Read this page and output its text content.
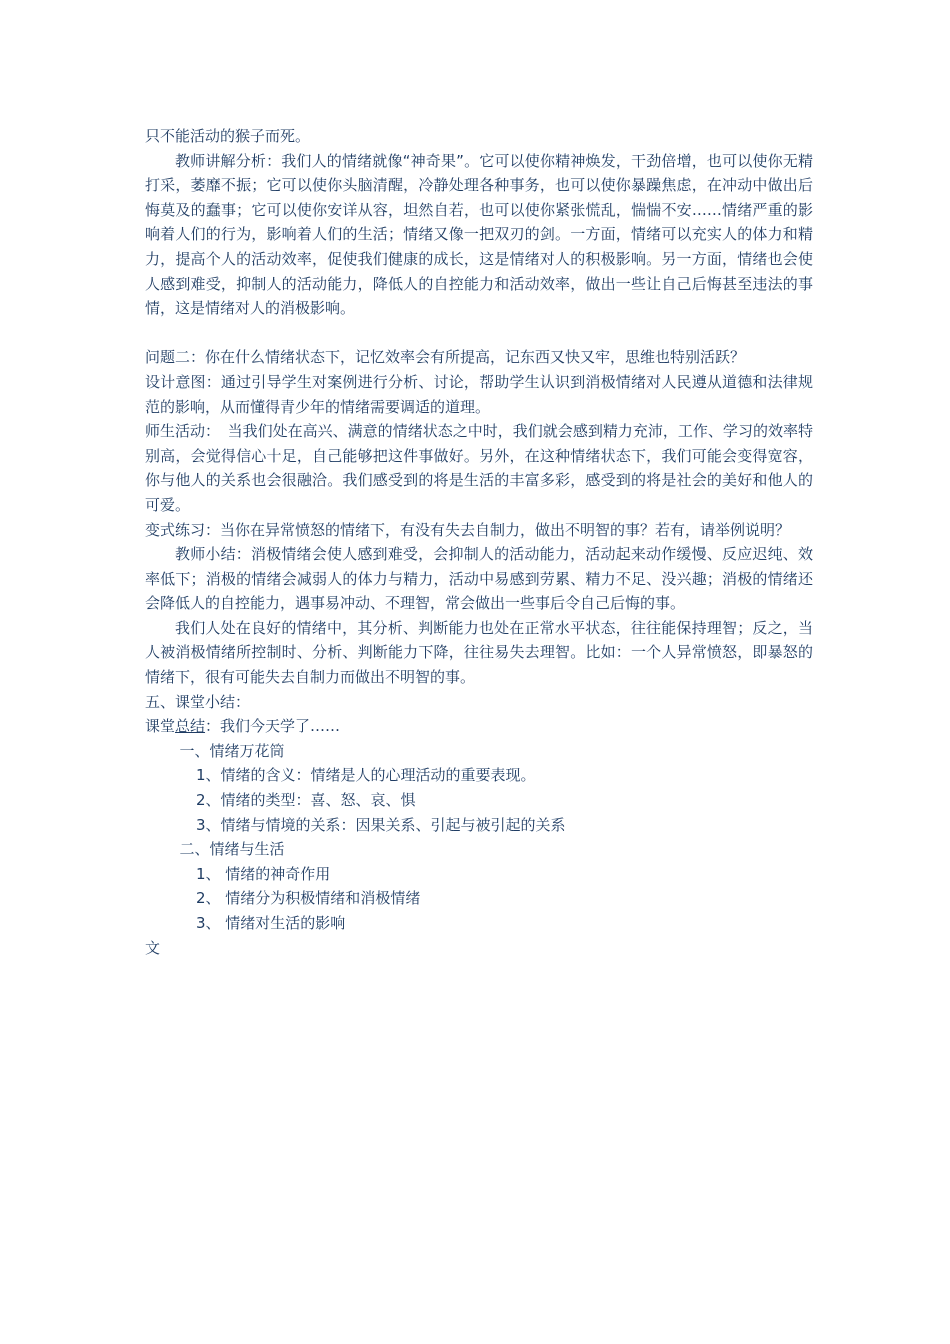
只不能活动的猴子而死。

教师讲解分析：我们人的情绪就像“神奇果”。它可以使你精神焕发，干劲倍增，也可以使你无精打采，萎靡不振；它可以使你头脑清醒，冷静处理各种事务，也可以使你暴躁焦虑，在冲动中做出后悔莫及的蠢事；它可以使你安详从容，坦然自若，也可以使你紧张慌乱，惴惴不安……情绪严重的影响着人们的行为，影响着人们的生活；情绪又像一把双刃的剑。一方面，情绪可以充实人的体力和精力，提高个人的活动效率，促使我们健康的成长，这是情绪对人的积极影响。另一方面，情绪也会使人感到难受，抑制人的活动能力，降低人的自控能力和活动效率，做出一些让自己后悔甚至违法的事情，这是情绪对人的消极影响。

问题二：你在什么情绪状态下，记忆效率会有所提高，记东西又快又牢，思维也特别活跃？

设计意图：通过引导学生对案例进行分析、讨论，帮助学生认识到消极情绪对人民遵从道德和法律规范的影响，从而懂得青少年的情绪需要调适的道理。

师生活动：　当我们处在高兴、满意的情绪状态之中时，我们就会感到精力充沛，工作、学习的效率特别高，会觉得信心十足，自己能够把这件事做好。另外，在这种情绪状态下，我们可能会变得宽容，你与他人的关系也会很融洽。我们感受到的将是生活的丰富多彩，感受到的将是社会的美好和他人的可爱。

变式练习：当你在异常愤怒的情绪下，有没有失去自制力，做出不明智的事？若有，请举例说明？

教师小结：消极情绪会使人感到难受，会抑制人的活动能力，活动起来动作缓慢、反应迟纯、效率低下；消极的情绪会减弱人的体力与精力，活动中易感到劳累、精力不足、没兴趣；消极的情绪还会降低人的自控能力，遇事易冲动、不理智，常会做出一些事后令自己后悔的事。

我们人处在良好的情绪中，其分析、判断能力也处在正常水平状态，往往能保持理智；反之，当人被消极情绪所控制时、分析、判断能力下降，往往易失去理智。比如：一个人异常愤怒，即暴怒的情绪下，很有可能失去自制力而做出不明智的事。

五、课堂小结：

课堂总结：我们今天学了……

一、情绪万花筒

1、情绪的含义：情绪是人的心理活动的重要表现。

2、情绪的类型：喜、怒、哀、惧

3、情绪与情境的关系：因果关系、引起与被引起的关系

二、情绪与生活

1、 情绪的神奇作用

2、 情绪分为积极情绪和消极情绪

3、 情绪对生活的影响

文
